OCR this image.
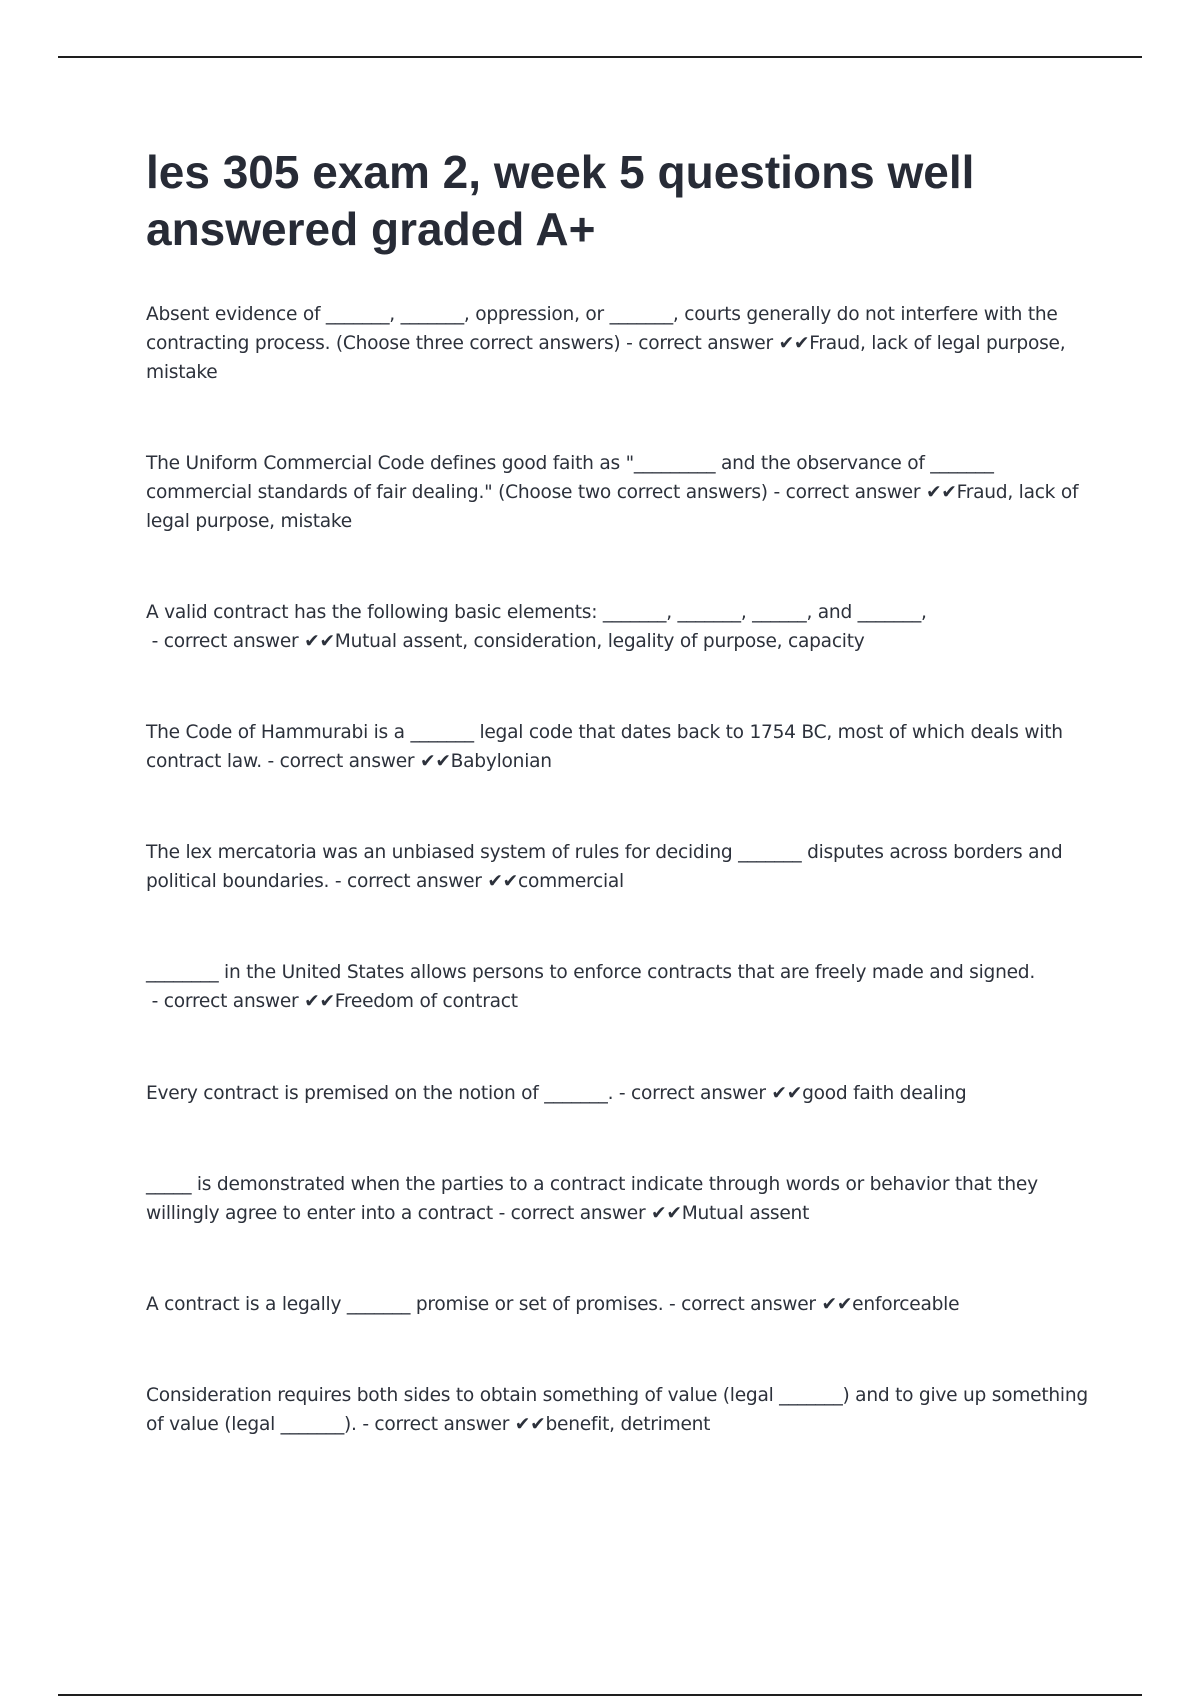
les 305 exam 2, week 5 questions well answered graded A+

Absent evidence of _______, _______, oppression, or _______, courts generally do not interfere with the contracting process. (Choose three correct answers) - correct answer ✔✔Fraud, lack of legal purpose, mistake

The Uniform Commercial Code defines good faith as "_________ and the observance of _______ commercial standards of fair dealing." (Choose two correct answers) - correct answer ✔✔Fraud, lack of legal purpose, mistake

A valid contract has the following basic elements: _______, _______, ______, and _______, - correct answer ✔✔Mutual assent, consideration, legality of purpose, capacity

The Code of Hammurabi is a _______ legal code that dates back to 1754 BC, most of which deals with contract law. - correct answer ✔✔Babylonian

The lex mercatoria was an unbiased system of rules for deciding _______ disputes across borders and political boundaries. - correct answer ✔✔commercial

________ in the United States allows persons to enforce contracts that are freely made and signed. - correct answer ✔✔Freedom of contract

Every contract is premised on the notion of _______. - correct answer ✔✔good faith dealing

_____ is demonstrated when the parties to a contract indicate through words or behavior that they willingly agree to enter into a contract - correct answer ✔✔Mutual assent

A contract is a legally _______ promise or set of promises. - correct answer ✔✔enforceable

Consideration requires both sides to obtain something of value (legal _______) and to give up something of value (legal _______). - correct answer ✔✔benefit, detriment
